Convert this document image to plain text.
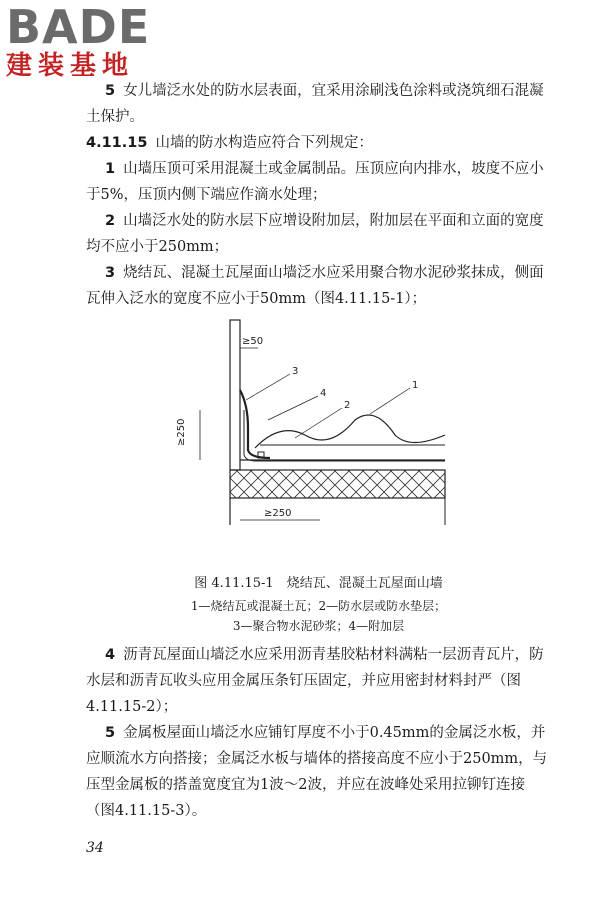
BADE
建装基地

5 女儿墙泛水处的防水层表面，宜采用涂刷浅色涂料或浇筑细石混凝土保护。

4.11.15 山墙的防水构造应符合下列规定：

1 山墙压顶可采用混凝土或金属制品。压顶应向内排水，坡度不应小于5%，压顶内侧下端应作滴水处理；

2 山墙泛水处的防水层下应增设附加层，附加层在平面和立面的宽度均不应小于250mm；

3 烧结瓦、混凝土瓦屋面山墙泛水应采用聚合物水泥砂浆抹成，侧面瓦伸入泛水的宽度不应小于50mm（图4.11.15-1）；

≥50
≥250
≥250
3
4
2
1
图 4.11.15-1　烧结瓦、混凝土瓦屋面山墙
1—烧结瓦或混凝土瓦；2—防水层或防水垫层；
3—聚合物水泥砂浆；4—附加层

4 沥青瓦屋面山墙泛水应采用沥青基胶粘材料满粘一层沥青瓦片，防水层和沥青瓦收头应用金属压条钉压固定，并应用密封材料封严（图4.11.15-2）；

5 金属板屋面山墙泛水应铺钉厚度不小于0.45mm的金属泛水板，并应顺流水方向搭接；金属泛水板与墙体的搭接高度不应小于250mm，与压型金属板的搭盖宽度宜为1波～2波，并应在波峰处采用拉铆钉连接（图4.11.15-3）。

34
